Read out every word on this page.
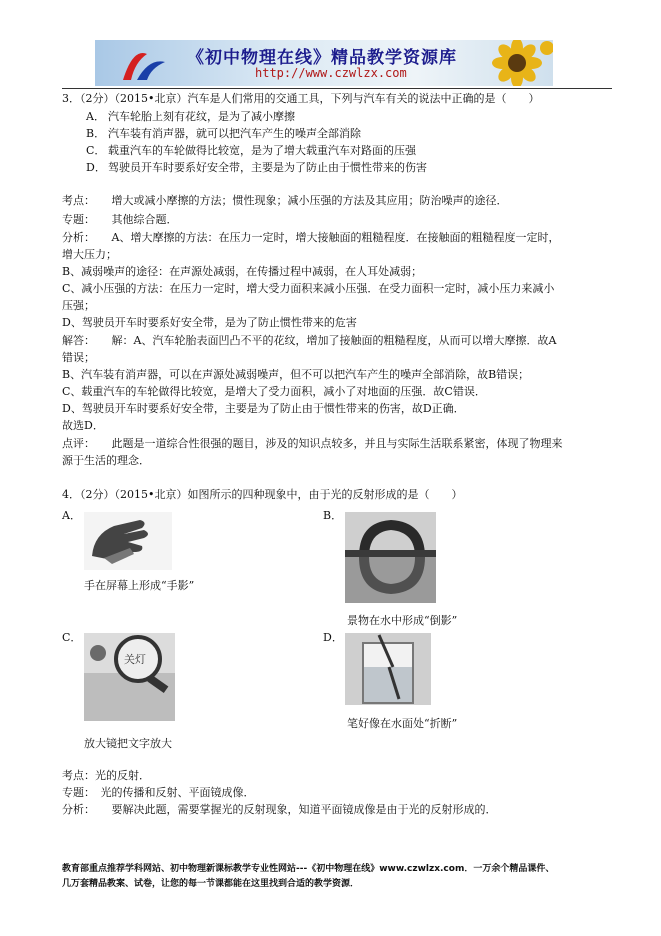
《初中物理在线》精品教学资源库
http://www.czwlzx.com
3．（2分）（2015•北京）汽车是人们常用的交通工具，下列与汽车有关的说法中正确的是（　　）
A． 汽车轮胎上刻有花纹，是为了减小摩擦
B． 汽车装有消声器，就可以把汽车产生的噪声全部消除
C． 载重汽车的车轮做得比较宽，是为了增大载重汽车对路面的压强
D． 驾驶员开车时要系好安全带，主要是为了防止由于惯性带来的伤害
考点：　　增大或减小摩擦的方法；惯性现象；减小压强的方法及其应用；防治噪声的途径．
专题：　　其他综合题．
分析：　　A、增大摩擦的方法：在压力一定时，增大接触面的粗糙程度．在接触面的粗糙程度一定时，
增大压力；
B、减弱噪声的途径：在声源处减弱，在传播过程中减弱，在人耳处减弱；
C、减小压强的方法：在压力一定时，增大受力面积来减小压强．在受力面积一定时，减小压力来减小
压强；
D、驾驶员开车时要系好安全带，是为了防止惯性带来的危害
解答：　　解：A、汽车轮胎表面凹凸不平的花纹，增加了接触面的粗糙程度，从而可以增大摩擦．故A
错误；
B、汽车装有消声器，可以在声源处减弱噪声，但不可以把汽车产生的噪声全部消除，故B错误；
C、载重汽车的车轮做得比较宽，是增大了受力面积，减小了对地面的压强．故C错误．
D、驾驶员开车时要系好安全带，主要是为了防止由于惯性带来的伤害，故D正确．
故选D．
点评：　　此题是一道综合性很强的题目，涉及的知识点较多，并且与实际生活联系紧密，体现了物理来
源于生活的理念．
4．（2分）（2015•北京）如图所示的四种现象中，由于光的反射形成的是（　　）
A．
手在屏幕上形成“手影”
B．
景物在水中形成“倒影”
C．
关灯
放大镜把文字放大
D．
笔好像在水面处“折断”
考点：光的反射．
专题：　光的传播和反射、平面镜成像．
分析：　　要解决此题，需要掌握光的反射现象，知道平面镜成像是由于光的反射形成的．
教育部重点推荐学科网站、初中物理新课标教学专业性网站---《初中物理在线》www.czwlzx.com．一万余个精品课件、
几万套精品教案、试卷，让您的每一节课都能在这里找到合适的教学资源．
